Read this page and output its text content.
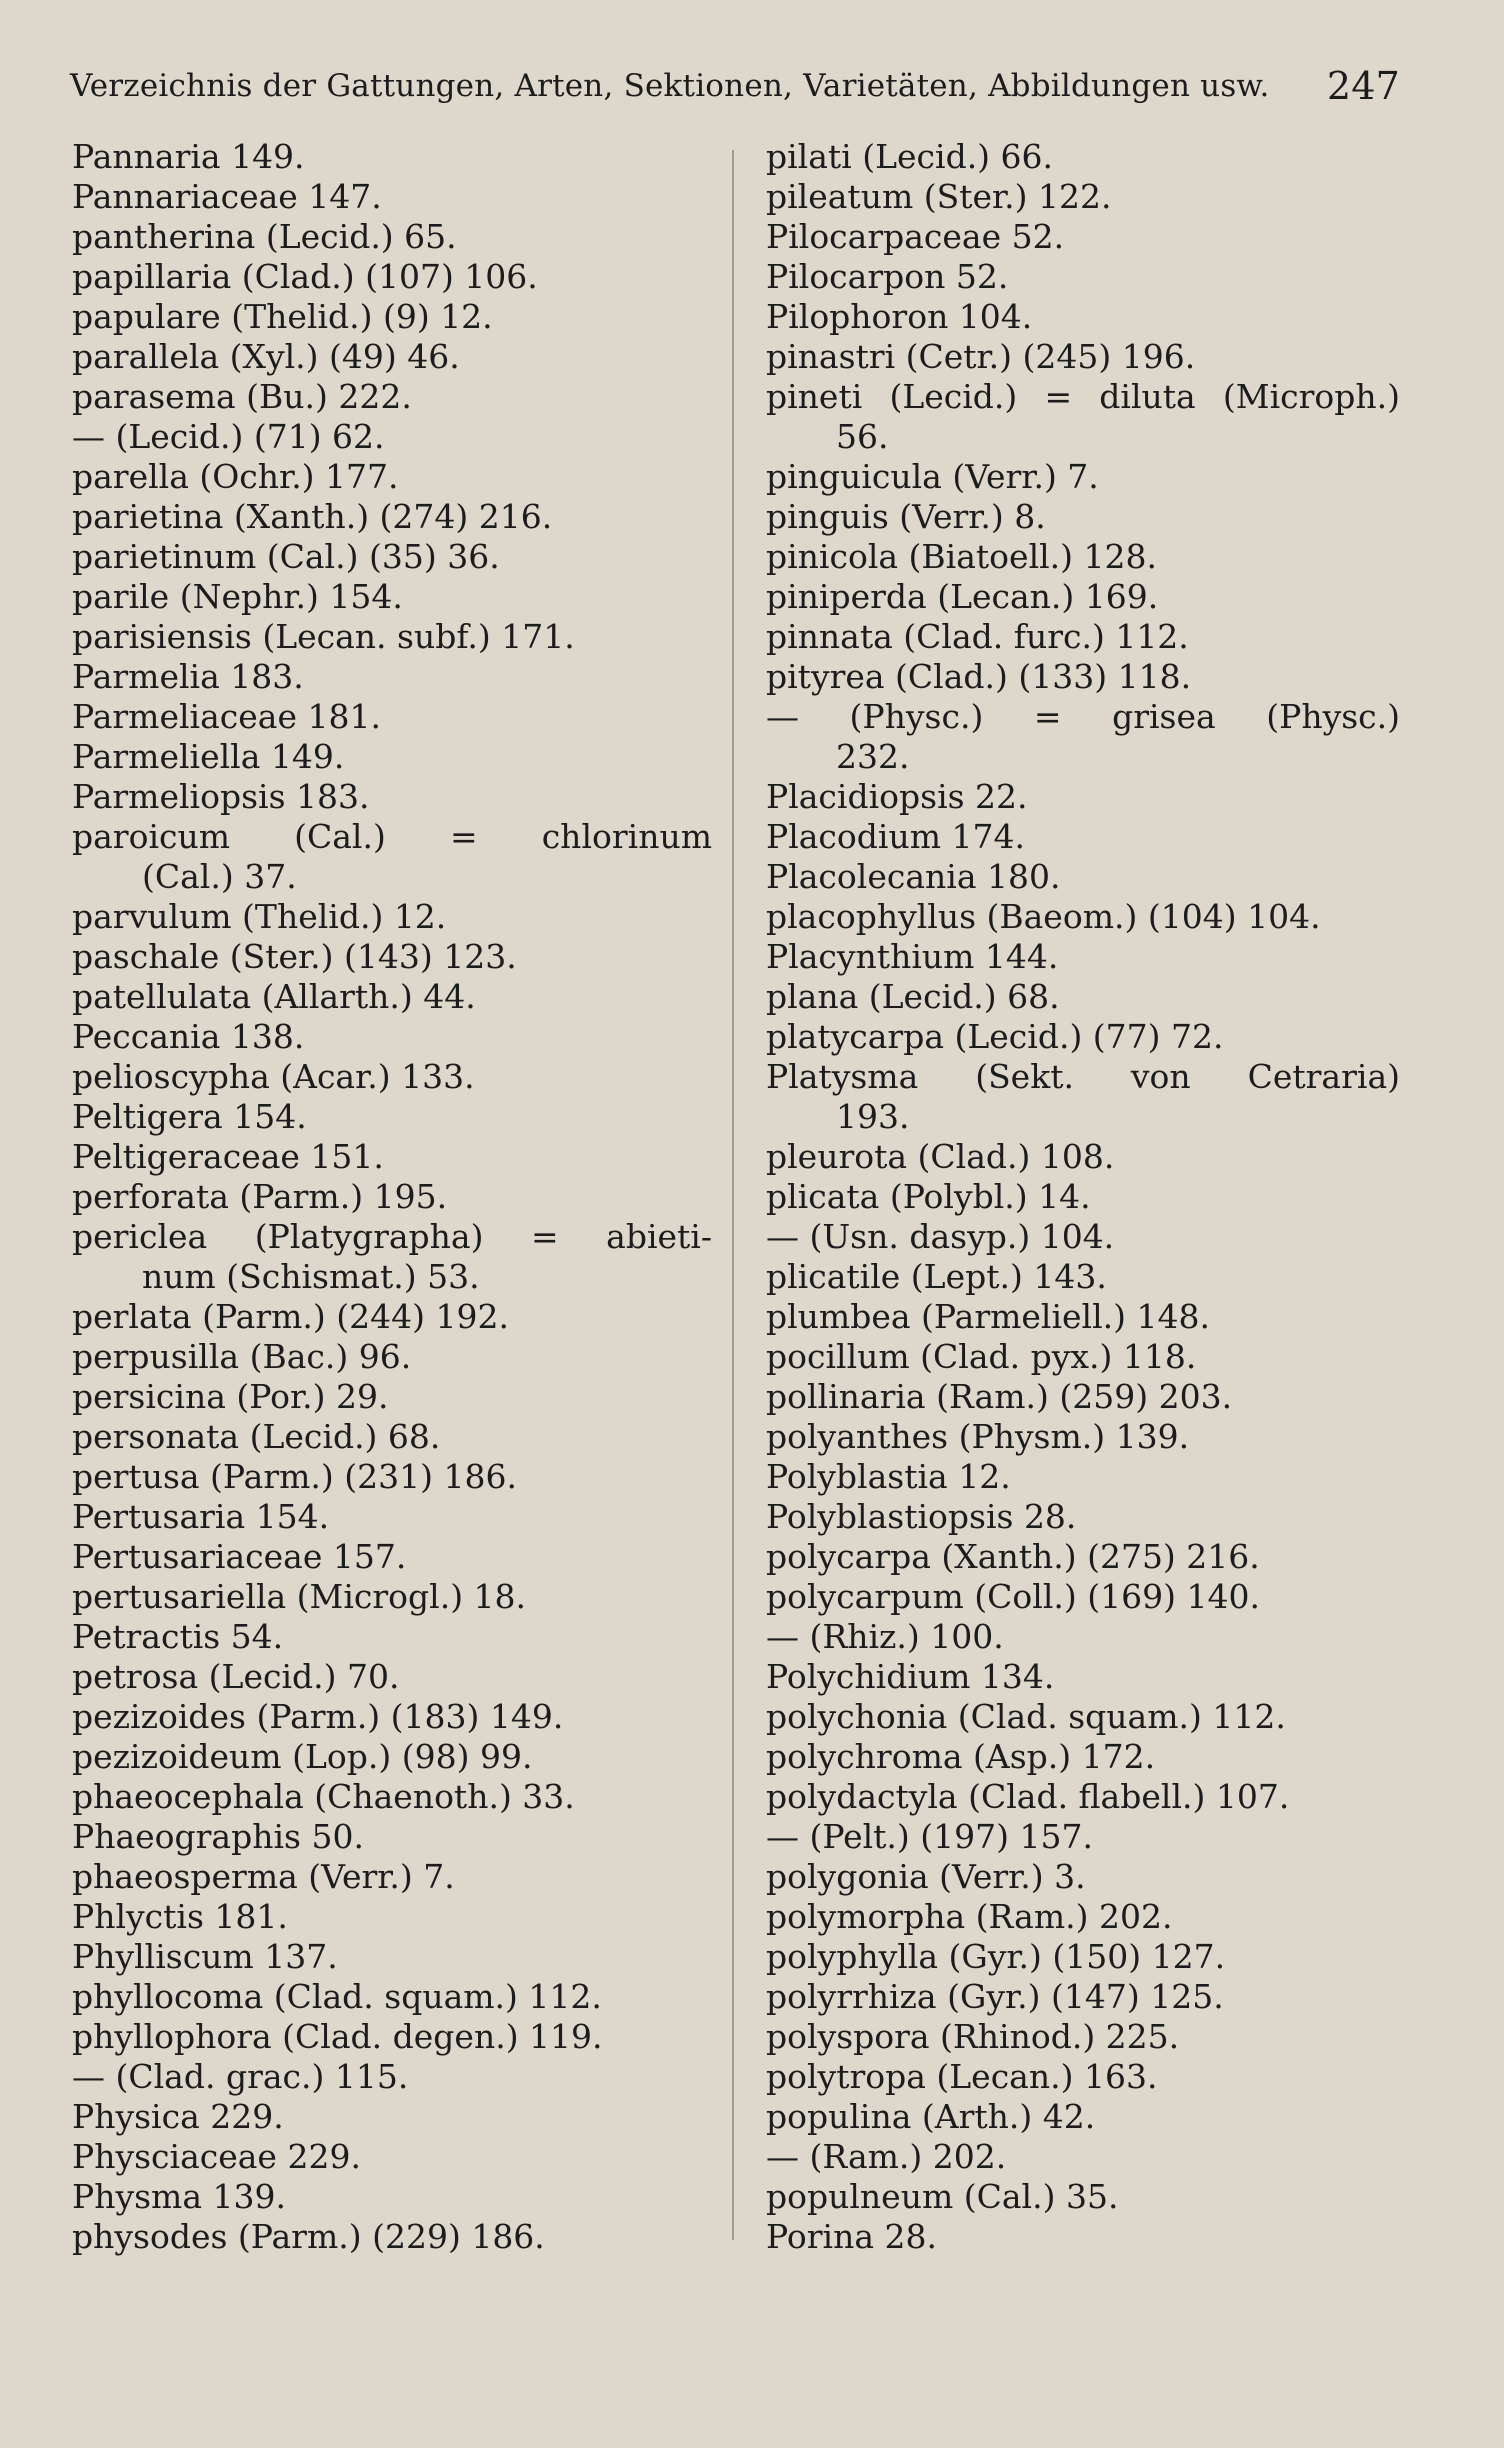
Verzeichnis der Gattungen, Arten, Sektionen, Varietäten, Abbildungen usw. 247
Pannaria 149.
Pannariaceae 147.
pantherina (Lecid.) 65.
papillaria (Clad.) (107) 106.
papulare (Thelid.) (9) 12.
parallela (Xyl.) (49) 46.
parasema (Bu.) 222.
— (Lecid.) (71) 62.
parella (Ochr.) 177.
parietina (Xanth.) (274) 216.
parietinum (Cal.) (35) 36.
parile (Nephr.) 154.
parisiensis (Lecan. subf.) 171.
Parmelia 183.
Parmeliaceae 181.
Parmeliella 149.
Parmeliopsis 183.
paroicum (Cal.) = chlorinum
(Cal.) 37.
parvulum (Thelid.) 12.
paschale (Ster.) (143) 123.
patellulata (Allarth.) 44.
Peccania 138.
pelioscypha (Acar.) 133.
Peltigera 154.
Peltigeraceae 151.
perforata (Parm.) 195.
periclea (Platygrapha) = abieti-
num (Schismat.) 53.
perlata (Parm.) (244) 192.
perpusilla (Bac.) 96.
persicina (Por.) 29.
personata (Lecid.) 68.
pertusa (Parm.) (231) 186.
Pertusaria 154.
Pertusariaceae 157.
pertusariella (Microgl.) 18.
Petractis 54.
petrosa (Lecid.) 70.
pezizoides (Parm.) (183) 149.
pezizoideum (Lop.) (98) 99.
phaeocephala (Chaenoth.) 33.
Phaeographis 50.
phaeosperma (Verr.) 7.
Phlyctis 181.
Phylliscum 137.
phyllocoma (Clad. squam.) 112.
phyllophora (Clad. degen.) 119.
— (Clad. grac.) 115.
Physica 229.
Physciaceae 229.
Physma 139.
physodes (Parm.) (229) 186.
pilati (Lecid.) 66.
pileatum (Ster.) 122.
Pilocarpaceae 52.
Pilocarpon 52.
Pilophoron 104.
pinastri (Cetr.) (245) 196.
pineti (Lecid.) = diluta (Microph.)
56.
pinguicula (Verr.) 7.
pinguis (Verr.) 8.
pinicola (Biatoell.) 128.
piniperda (Lecan.) 169.
pinnata (Clad. furc.) 112.
pityrea (Clad.) (133) 118.
— (Physc.) = grisea (Physc.)
232.
Placidiopsis 22.
Placodium 174.
Placolecania 180.
placophyllus (Baeom.) (104) 104.
Placynthium 144.
plana (Lecid.) 68.
platycarpa (Lecid.) (77) 72.
Platysma (Sekt. von Cetraria)
193.
pleurota (Clad.) 108.
plicata (Polybl.) 14.
— (Usn. dasyp.) 104.
plicatile (Lept.) 143.
plumbea (Parmeliell.) 148.
pocillum (Clad. pyx.) 118.
pollinaria (Ram.) (259) 203.
polyanthes (Physm.) 139.
Polyblastia 12.
Polyblastiopsis 28.
polycarpa (Xanth.) (275) 216.
polycarpum (Coll.) (169) 140.
— (Rhiz.) 100.
Polychidium 134.
polychonia (Clad. squam.) 112.
polychroma (Asp.) 172.
polydactyla (Clad. flabell.) 107.
— (Pelt.) (197) 157.
polygonia (Verr.) 3.
polymorpha (Ram.) 202.
polyphylla (Gyr.) (150) 127.
polyrrhiza (Gyr.) (147) 125.
polyspora (Rhinod.) 225.
polytropa (Lecan.) 163.
populina (Arth.) 42.
— (Ram.) 202.
populneum (Cal.) 35.
Porina 28.
